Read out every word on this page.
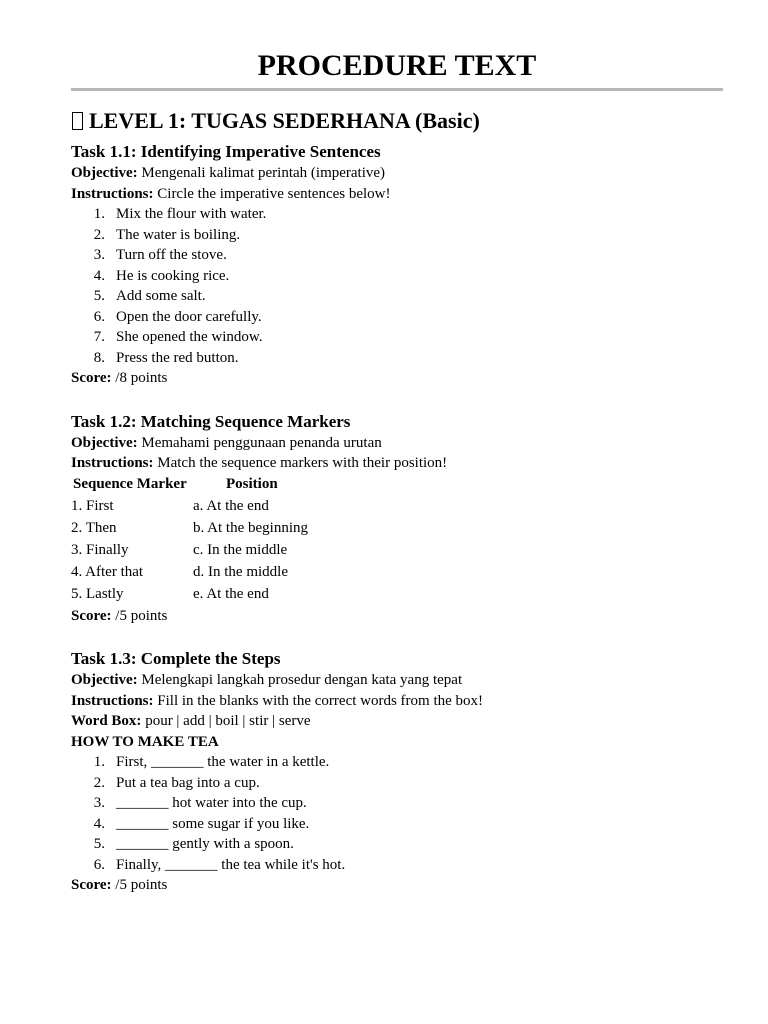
PROCEDURE TEXT
LEVEL 1: TUGAS SEDERHANA (Basic)
Task 1.1: Identifying Imperative Sentences

Objective: Mengenali kalimat perintah (imperative)

Instructions: Circle the imperative sentences below!

1. Mix the flour with water.
2. The water is boiling.
3. Turn off the stove.
4. He is cooking rice.
5. Add some salt.
6. Open the door carefully.
7. She opened the window.
8. Press the red button.

Score: /8 points

Task 1.2: Matching Sequence Markers

Objective: Memahami penggunaan penanda urutan

Instructions: Match the sequence markers with their position!

Sequence Marker	Position
1. First	a. At the end
2. Then	b. At the beginning
3. Finally	c. In the middle
4. After that	d. In the middle
5. Lastly	e. At the end

Score: /5 points

Task 1.3: Complete the Steps

Objective: Melengkapi langkah prosedur dengan kata yang tepat

Instructions: Fill in the blanks with the correct words from the box!

Word Box: pour | add | boil | stir | serve

HOW TO MAKE TEA

1. First, _______ the water in a kettle.
2. Put a tea bag into a cup.
3. _______ hot water into the cup.
4. _______ some sugar if you like.
5. _______ gently with a spoon.
6. Finally, _______ the tea while it's hot.

Score: /5 points
